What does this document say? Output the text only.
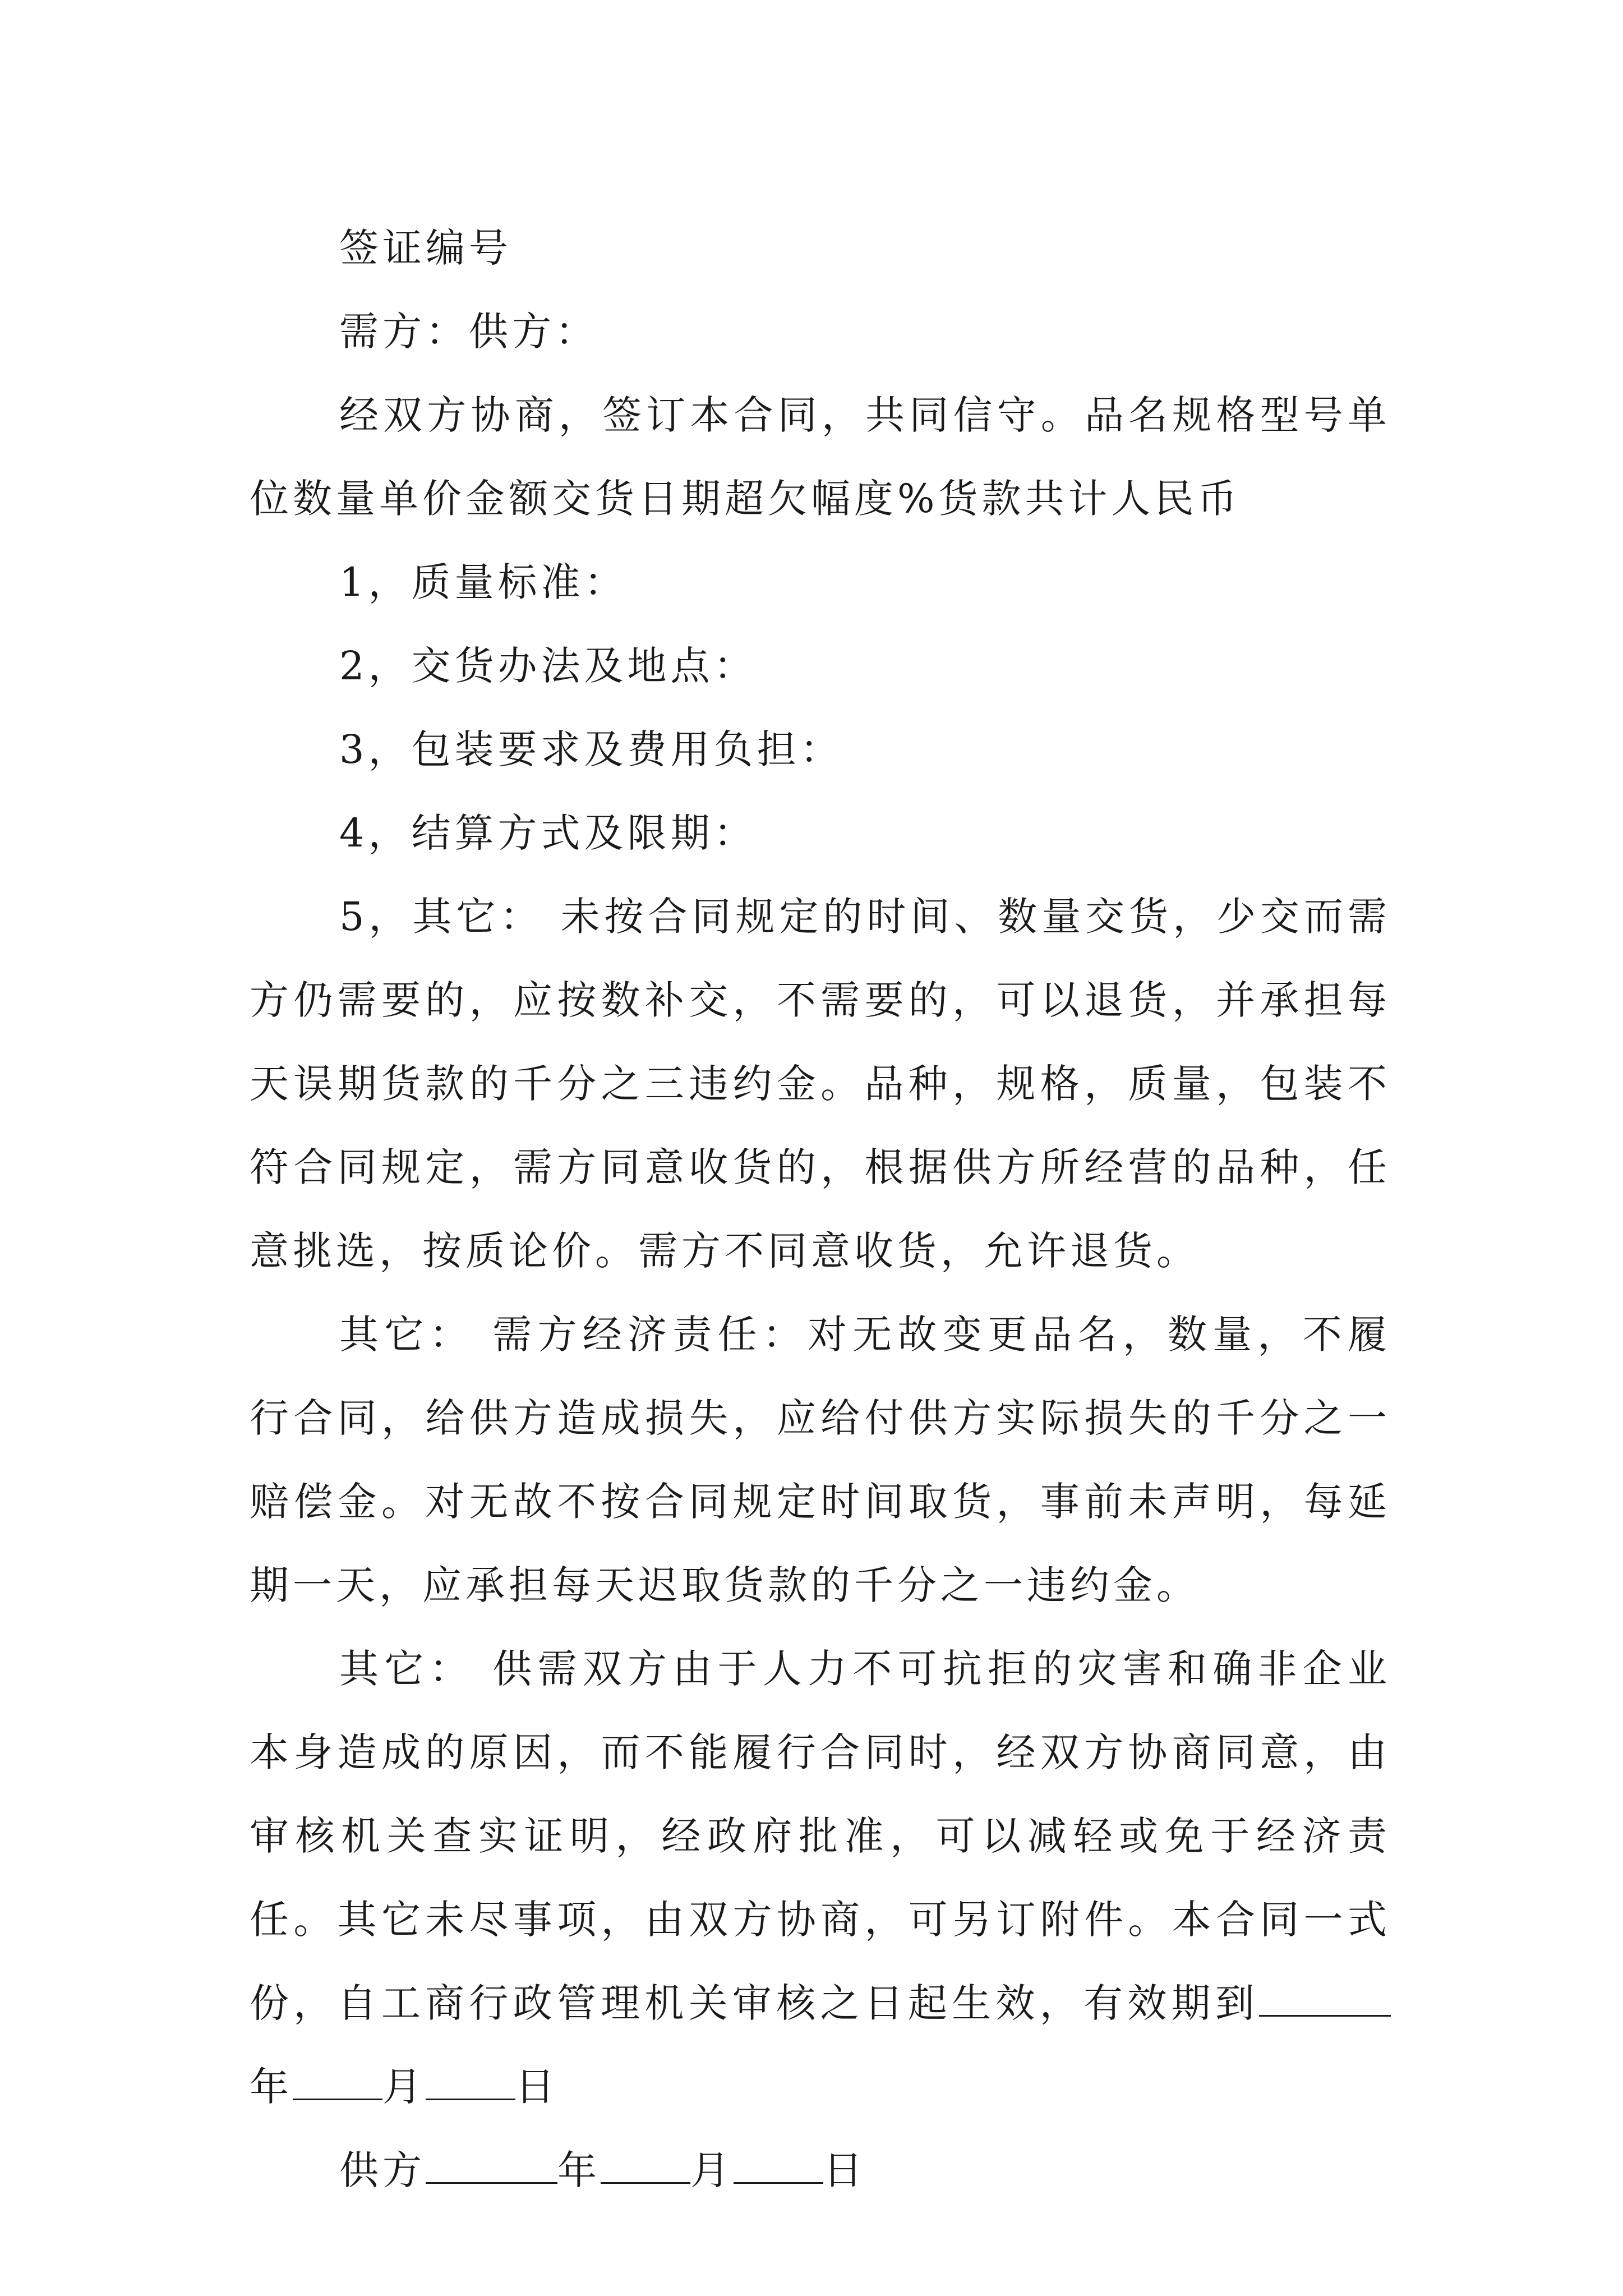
签证编号
需方：供方：

经双方协商，签订本合同，共同信守。品名规格型号单位数量单价金额交货日期超欠幅度%货款共计人民币

1，质量标准：
2，交货办法及地点：
3，包装要求及费用负担：
4，结算方式及限期：

5，其它： 未按合同规定的时间、数量交货，少交而需方仍需要的，应按数补交，不需要的，可以退货，并承担每天误期货款的千分之三违约金。品种，规格，质量，包装不符合同规定，需方同意收货的，根据供方所经营的品种，任意挑选，按质论价。需方不同意收货，允许退货。

其它： 需方经济责任：对无故变更品名，数量，不履行合同，给供方造成损失，应给付供方实际损失的千分之一赔偿金。对无故不按合同规定时间取货，事前未声明，每延期一天，应承担每天迟取货款的千分之一违约金。

其它： 供需双方由于人力不可抗拒的灾害和确非企业本身造成的原因，而不能履行合同时，经双方协商同意，由审核机关查实证明，经政府批准，可以减轻或免于经济责任。其它未尽事项，由双方协商，可另订附件。本合同一式份，自工商行政管理机关审核之日起生效，有效期到年 月 日

供方	年 月 日
